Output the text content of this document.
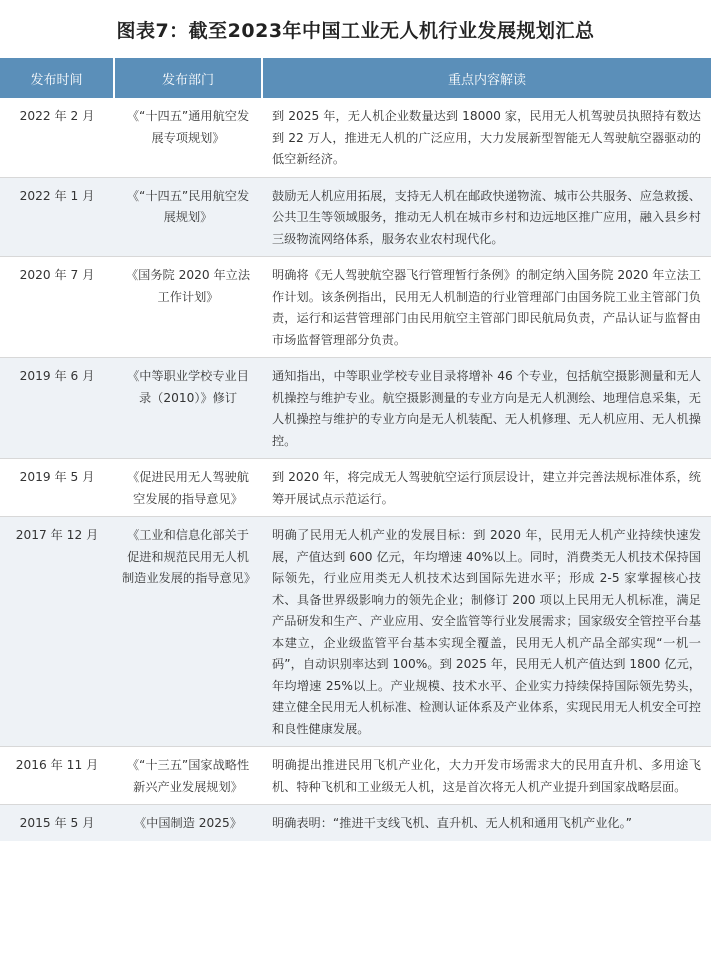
图表7：截至2023年中国工业无人机行业发展规划汇总
发布时间	发布部门	重点内容解读
2022 年 2 月	《“十四五”通用航空发展专项规划》	到 2025 年，无人机企业数量达到 18000 家，民用无人机驾驶员执照持有数达到 22 万人，推进无人机的广泛应用，大力发展新型智能无人驾驶航空器驱动的低空新经济。
2022 年 1 月	《“十四五”民用航空发展规划》	鼓励无人机应用拓展，支持无人机在邮政快递物流、城市公共服务、应急救援、公共卫生等领域服务，推动无人机在城市乡村和边远地区推广应用，融入县乡村三级物流网络体系，服务农业农村现代化。
2020 年 7 月	《国务院 2020 年立法工作计划》	明确将《无人驾驶航空器飞行管理暂行条例》的制定纳入国务院 2020 年立法工作计划。该条例指出，民用无人机制造的行业管理部门由国务院工业主管部门负责，运行和运营管理部门由民用航空主管部门即民航局负责，产品认证与监督由市场监督管理部分负责。
2019 年 6 月	《中等职业学校专业目录（2010）》修订	通知指出，中等职业学校专业目录将增补 46 个专业，包括航空摄影测量和无人机操控与维护专业。航空摄影测量的专业方向是无人机测绘、地理信息采集，无人机操控与维护的专业方向是无人机装配、无人机修理、无人机应用、无人机操控。
2019 年 5 月	《促进民用无人驾驶航空发展的指导意见》	到 2020 年，将完成无人驾驶航空运行顶层设计，建立并完善法规标准体系，统筹开展试点示范运行。
2017 年 12 月	《工业和信息化部关于促进和规范民用无人机制造业发展的指导意见》	明确了民用无人机产业的发展目标：到 2020 年，民用无人机产业持续快速发展，产值达到 600 亿元，年均增速 40%以上。同时，消费类无人机技术保持国际领先，行业应用类无人机技术达到国际先进水平；形成 2-5 家掌握核心技术、具备世界级影响力的领先企业；制修订 200 项以上民用无人机标准，满足产品研发和生产、产业应用、安全监管等行业发展需求；国家级安全管控平台基本建立，企业级监管平台基本实现全覆盖，民用无人机产品全部实现“一机一码”，自动识别率达到 100%。到 2025 年，民用无人机产值达到 1800 亿元，年均增速 25%以上。产业规模、技术水平、企业实力持续保持国际领先势头，建立健全民用无人机标准、检测认证体系及产业体系，实现民用无人机安全可控和良性健康发展。
2016 年 11 月	《“十三五”国家战略性新兴产业发展规划》	明确提出推进民用飞机产业化，大力开发市场需求大的民用直升机、多用途飞机、特种飞机和工业级无人机，这是首次将无人机产业提升到国家战略层面。
2015 年 5 月	《中国制造 2025》	明确表明：“推进干支线飞机、直升机、无人机和通用飞机产业化。”
